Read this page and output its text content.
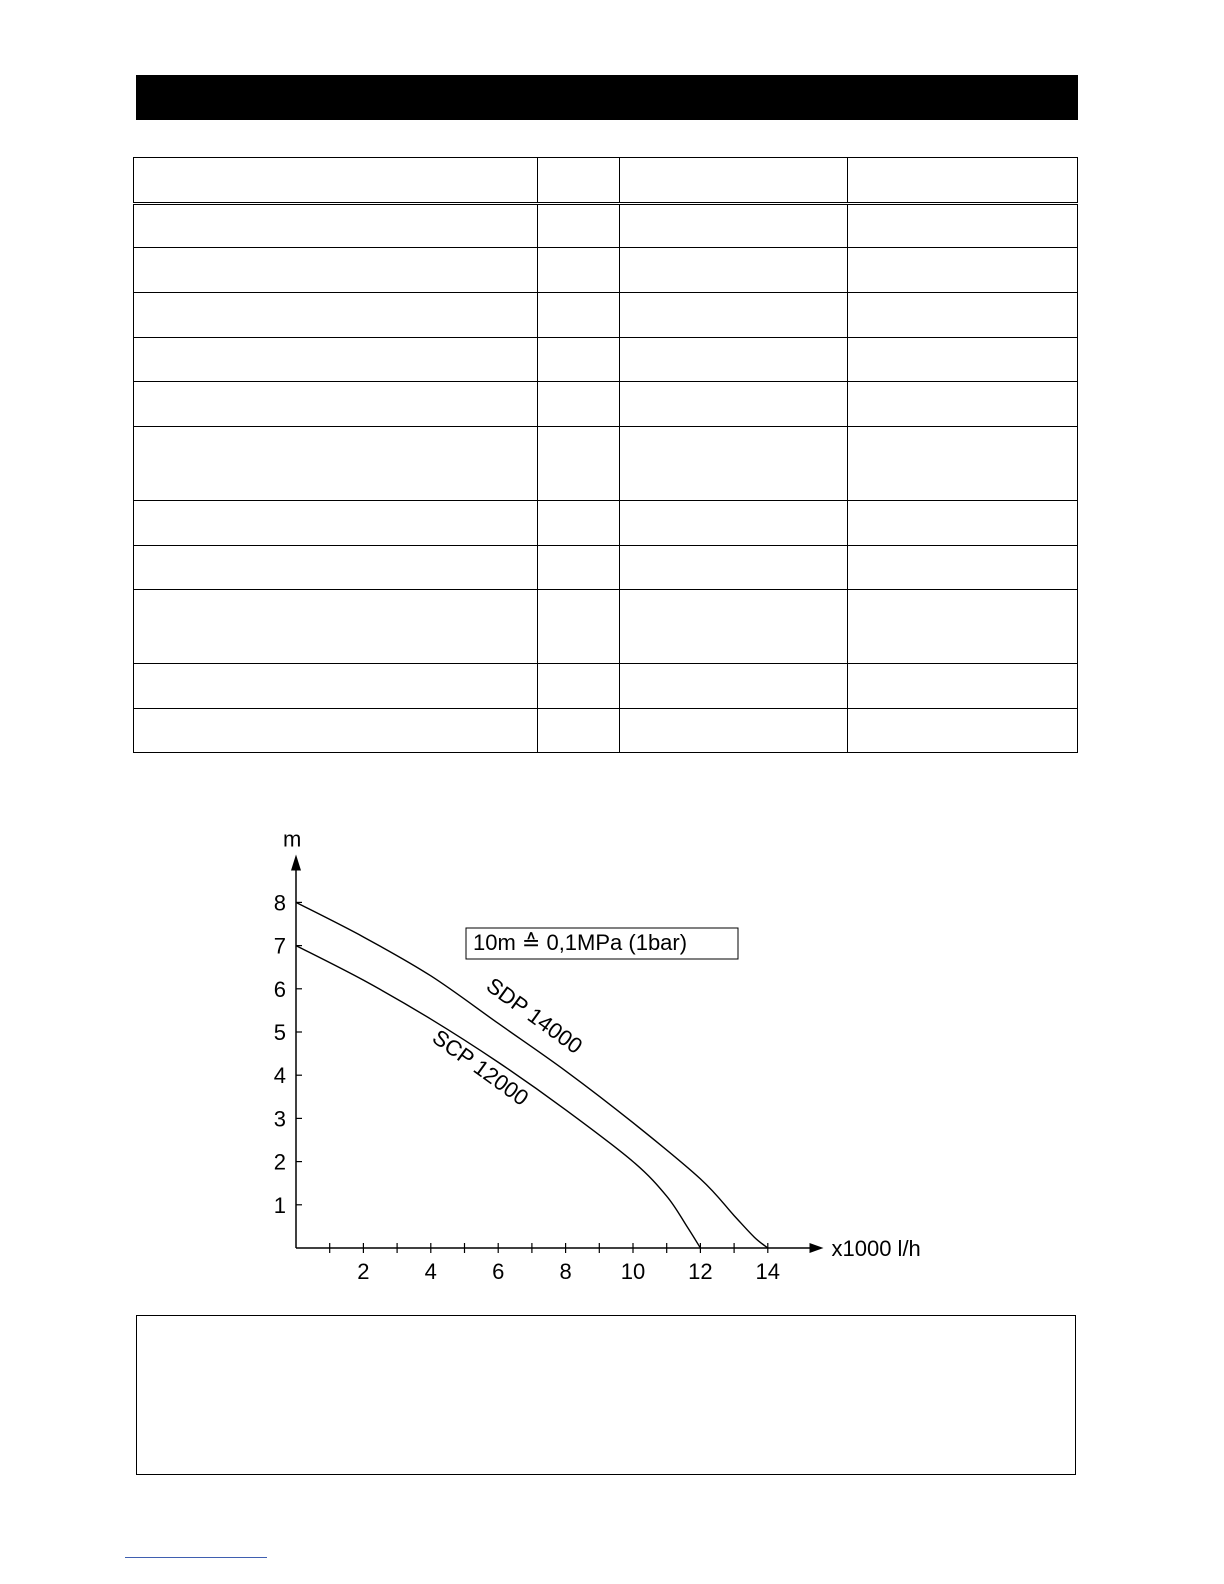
x1000 l/h
m
2	4	6	8 10 12 14
1
2
3
4
5
6
7
8
SDP 14000
SCP 12000
10m ≙ 0,1MPa (1bar)
